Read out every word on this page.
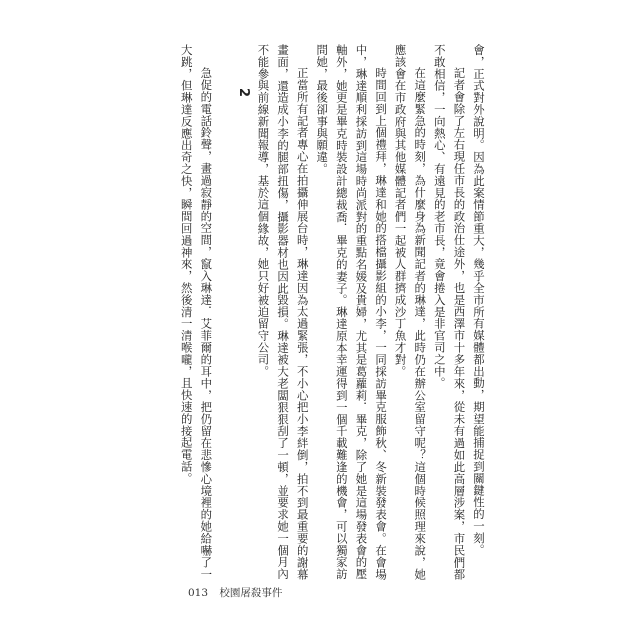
會，正式對外說明。因為此案情節重大，幾乎全市所有媒體都出動，期望能捕捉到關鍵性的一刻。

記者會除了左右現任市長的政治仕途外，也是西澤市十多年來，從未有過如此高層涉案，市民們都不敢相信，一向熱心、有遠見的老市長，竟會捲入是非官司之中。

在這麼緊急的時刻，為什麼身為新聞記者的琳達，此時仍在辦公室留守呢？這個時候照理來說，她應該會在市政府與其他媒體記者們一起被人群擠成沙丁魚才對。

時間回到上個禮拜，琳達和她的搭檔攝影組的小李，一同採訪畢克服飾秋、冬新裝發表會。在會場中，琳達順利採訪到這場時尚派對的重點名媛及貴婦，尤其是葛蘿莉．畢克，除了她是這場發表會的壓軸外，她更是畢克時裝設計總裁喬．畢克的妻子。琳達原本幸運得到一個千載難逢的機會，可以獨家訪問她，最後卻事與願違。

正當所有記者專心在拍攝伸展台時，琳達因為太過緊張，不小心把小李絆倒，拍不到最重要的謝幕畫面，還造成小李的腿部扭傷，攝影器材也因此毀損。琳達被大老闆狠狠刮了一頓，並要求她一個月內不能參與前線新聞報導，基於這個緣故，她只好被迫留守公司。

2

急促的電話鈴聲，畫過寂靜的空間，竄入琳達．艾菲爾的耳中，把仍留在悲慘心境裡的她給嚇了一大跳，但琳達反應出奇之快，瞬間回過神來，然後清一清喉嚨，且快速的接起電話。

013 校園屠殺事件
